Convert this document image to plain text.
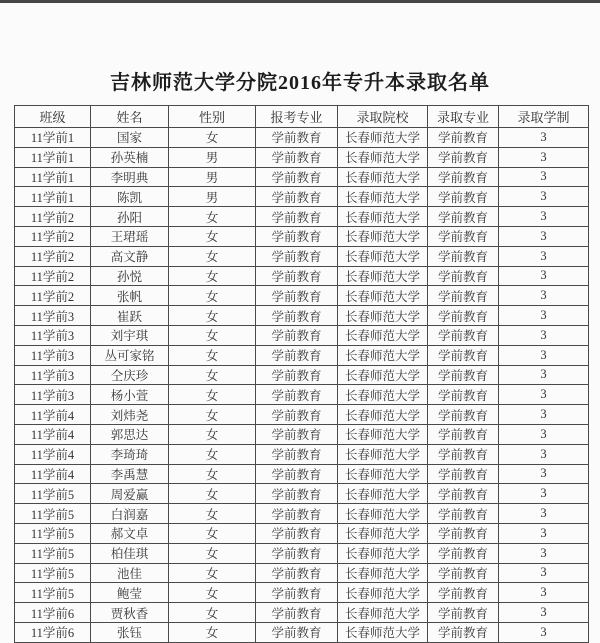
吉林师范大学分院2016年专升本录取名单
班级	姓名	性别	报考专业	录取院校	录取专业	录取学制
11学前1	国家	女	学前教育	长春师范大学	学前教育	3
11学前1	孙英楠	男	学前教育	长春师范大学	学前教育	3
11学前1	李明典	男	学前教育	长春师范大学	学前教育	3
11学前1	陈凯	男	学前教育	长春师范大学	学前教育	3
11学前2	孙阳	女	学前教育	长春师范大学	学前教育	3
11学前2	王珺瑶	女	学前教育	长春师范大学	学前教育	3
11学前2	高文静	女	学前教育	长春师范大学	学前教育	3
11学前2	孙悦	女	学前教育	长春师范大学	学前教育	3
11学前2	张帆	女	学前教育	长春师范大学	学前教育	3
11学前3	崔跃	女	学前教育	长春师范大学	学前教育	3
11学前3	刘宇琪	女	学前教育	长春师范大学	学前教育	3
11学前3	丛可家铭	女	学前教育	长春师范大学	学前教育	3
11学前3	仝庆珍	女	学前教育	长春师范大学	学前教育	3
11学前3	杨小萱	女	学前教育	长春师范大学	学前教育	3
11学前4	刘炜尧	女	学前教育	长春师范大学	学前教育	3
11学前4	郭思达	女	学前教育	长春师范大学	学前教育	3
11学前4	李琦琦	女	学前教育	长春师范大学	学前教育	3
11学前4	李禹慧	女	学前教育	长春师范大学	学前教育	3
11学前5	周爱赢	女	学前教育	长春师范大学	学前教育	3
11学前5	白润嘉	女	学前教育	长春师范大学	学前教育	3
11学前5	郝文卓	女	学前教育	长春师范大学	学前教育	3
11学前5	柏佳琪	女	学前教育	长春师范大学	学前教育	3
11学前5	池佳	女	学前教育	长春师范大学	学前教育	3
11学前5	鲍莹	女	学前教育	长春师范大学	学前教育	3
11学前6	贾秋香	女	学前教育	长春师范大学	学前教育	3
11学前6	张钰	女	学前教育	长春师范大学	学前教育	3
